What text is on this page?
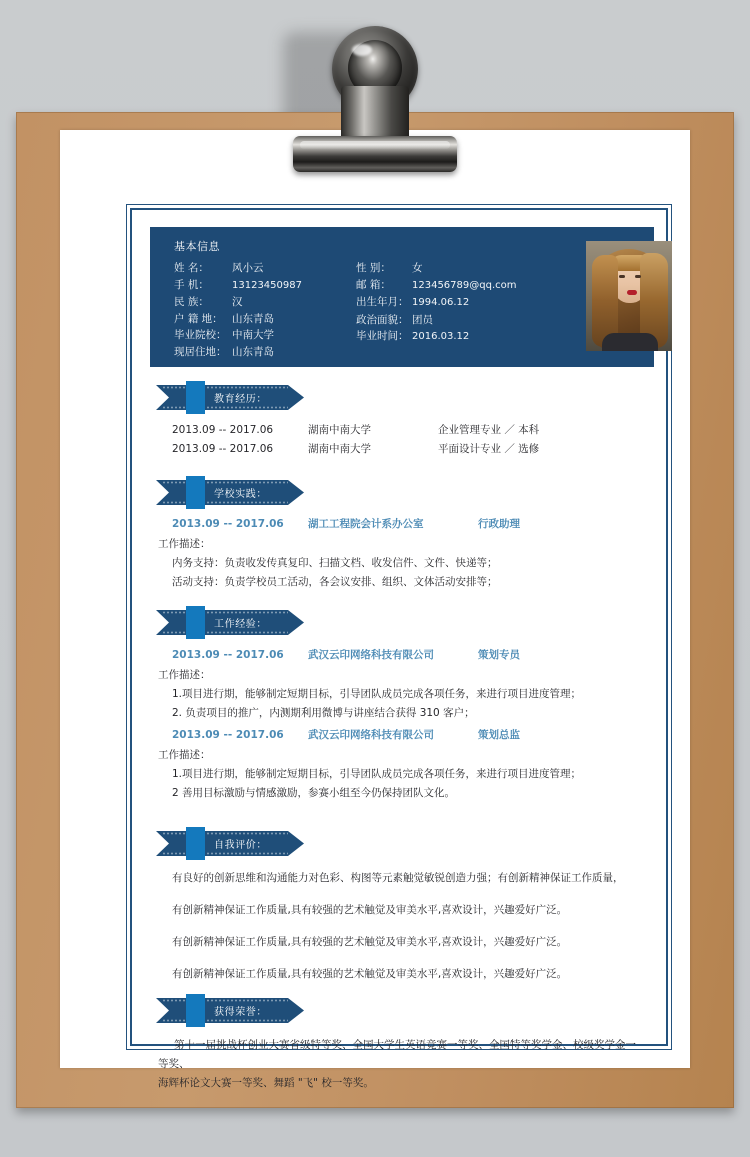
基本信息
姓 名：	风小云
手 机：	13123450987
民 族：	汉
户 籍 地： 山东青岛
毕业院校： 中南大学
现居住地： 山东青岛
性 别：	女
邮 箱：	123456789@qq.com
出生年月： 1994.06.12
政治面貌： 团员
毕业时间： 2016.03.12
教育经历：
2013.09 -- 2017.06	湖南中南大学	企业管理专业 ／ 本科
2013.09 -- 2017.06	湖南中南大学	平面设计专业 ／ 选修
学校实践：
2013.09 -- 2017.06	湖工工程院会计系办公室	行政助理
工作描述：
内务支持：负责收发传真复印、扫描文档、收发信件、文件、快递等；
活动支持：负责学校员工活动，各会议安排、组织、文体活动安排等；
工作经验：
2013.09 -- 2017.06	武汉云印网络科技有限公司	策划专员
工作描述：
1.项目进行期，能够制定短期目标，引导团队成员完成各项任务，来进行项目进度管理；
2. 负责项目的推广，内测期利用微博与讲座结合获得 310 客户；
2013.09 -- 2017.06	武汉云印网络科技有限公司	策划总监
工作描述：
1.项目进行期，能够制定短期目标，引导团队成员完成各项任务，来进行项目进度管理；
2 善用目标激励与情感激励，参赛小组至今仍保持团队文化。
自我评价：
有良好的创新思维和沟通能力对色彩、构图等元素触觉敏锐创造力强；有创新精神保证工作质量，
有创新精神保证工作质量,具有较强的艺术触觉及审美水平,喜欢设计，兴趣爱好广泛。
有创新精神保证工作质量,具有较强的艺术触觉及审美水平,喜欢设计，兴趣爱好广泛。
有创新精神保证工作质量,具有较强的艺术触觉及审美水平,喜欢设计，兴趣爱好广泛。
获得荣誉：
第十一届挑战杯创业大赛省级特等奖、全国大学生英语竞赛一等奖、全国特等奖学金、校级奖学金一等奖、
海辉杯论文大赛一等奖、舞蹈 "飞" 校一等奖。
